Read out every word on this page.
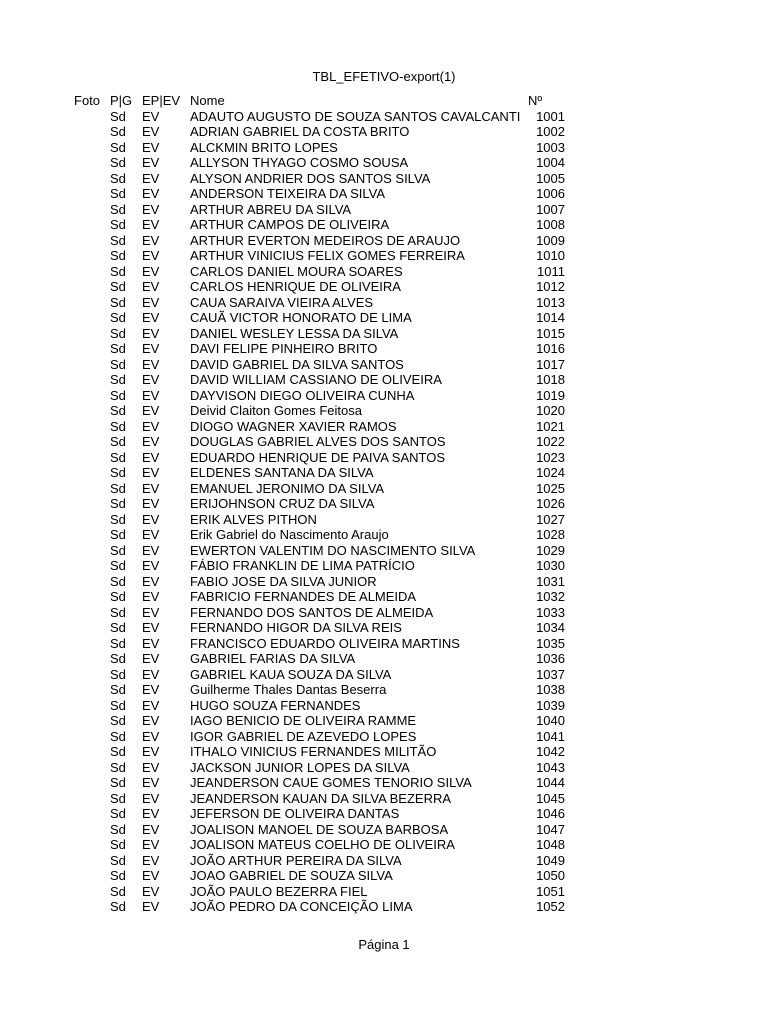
TBL_EFETIVO-export(1)
Foto P|G EP|EV Nome	Nº
Sd EV ADAUTO AUGUSTO DE SOUZA SANTOS CAVALCANTI	1001
Sd EV ADRIAN GABRIEL DA COSTA BRITO	1002
Sd EV ALCKMIN BRITO LOPES	1003
Sd EV ALLYSON THYAGO COSMO SOUSA	1004
Sd EV ALYSON ANDRIER DOS SANTOS SILVA	1005
Sd EV ANDERSON TEIXEIRA DA SILVA	1006
Sd EV ARTHUR ABREU DA SILVA	1007
Sd EV ARTHUR CAMPOS DE OLIVEIRA	1008
Sd EV ARTHUR EVERTON MEDEIROS DE ARAUJO	1009
Sd EV ARTHUR VINICIUS FELIX GOMES FERREIRA	1010
Sd EV CARLOS DANIEL MOURA SOARES	1011
Sd EV CARLOS HENRIQUE DE OLIVEIRA	1012
Sd EV CAUA SARAIVA VIEIRA ALVES	1013
Sd EV CAUÃ VICTOR HONORATO DE LIMA	1014
Sd EV DANIEL WESLEY LESSA DA SILVA	1015
Sd EV DAVI FELIPE PINHEIRO BRITO	1016
Sd EV DAVID GABRIEL DA SILVA SANTOS	1017
Sd EV DAVID WILLIAM CASSIANO DE OLIVEIRA	1018
Sd EV DAYVISON DIEGO OLIVEIRA CUNHA	1019
Sd EV Deivid Claiton Gomes Feitosa	1020
Sd EV DIOGO WAGNER XAVIER RAMOS	1021
Sd EV DOUGLAS GABRIEL ALVES DOS SANTOS	1022
Sd EV EDUARDO HENRIQUE DE PAIVA SANTOS	1023
Sd EV ELDENES SANTANA DA SILVA	1024
Sd EV EMANUEL JERONIMO DA SILVA	1025
Sd EV ERIJOHNSON CRUZ DA SILVA	1026
Sd EV ERIK ALVES PITHON	1027
Sd EV Erik Gabriel do Nascimento Araujo	1028
Sd EV EWERTON VALENTIM DO NASCIMENTO SILVA	1029
Sd EV FÁBIO FRANKLIN DE LIMA PATRÍCIO	1030
Sd EV FABIO JOSE DA SILVA JUNIOR	1031
Sd EV FABRICIO FERNANDES DE ALMEIDA	1032
Sd EV FERNANDO DOS SANTOS DE ALMEIDA	1033
Sd EV FERNANDO HIGOR DA SILVA REIS	1034
Sd EV FRANCISCO EDUARDO OLIVEIRA MARTINS	1035
Sd EV GABRIEL FARIAS DA SILVA	1036
Sd EV GABRIEL KAUA SOUZA DA SILVA	1037
Sd EV Guilherme Thales Dantas Beserra	1038
Sd EV HUGO SOUZA FERNANDES	1039
Sd EV IAGO BENICIO DE OLIVEIRA RAMME	1040
Sd EV IGOR GABRIEL DE AZEVEDO LOPES	1041
Sd EV ITHALO VINICIUS FERNANDES MILITÃO	1042
Sd EV JACKSON JUNIOR LOPES DA SILVA	1043
Sd EV JEANDERSON CAUE GOMES TENORIO SILVA	1044
Sd EV JEANDERSON KAUAN DA SILVA BEZERRA	1045
Sd EV JEFERSON DE OLIVEIRA DANTAS	1046
Sd EV JOALISON MANOEL DE SOUZA BARBOSA	1047
Sd EV JOALISON MATEUS COELHO DE OLIVEIRA	1048
Sd EV JOÃO ARTHUR PEREIRA DA SILVA	1049
Sd EV JOAO GABRIEL DE SOUZA SILVA	1050
Sd EV JOÃO PAULO BEZERRA FIEL	1051
Sd EV JOÃO PEDRO DA CONCEIÇÃO LIMA	1052
Página 1
